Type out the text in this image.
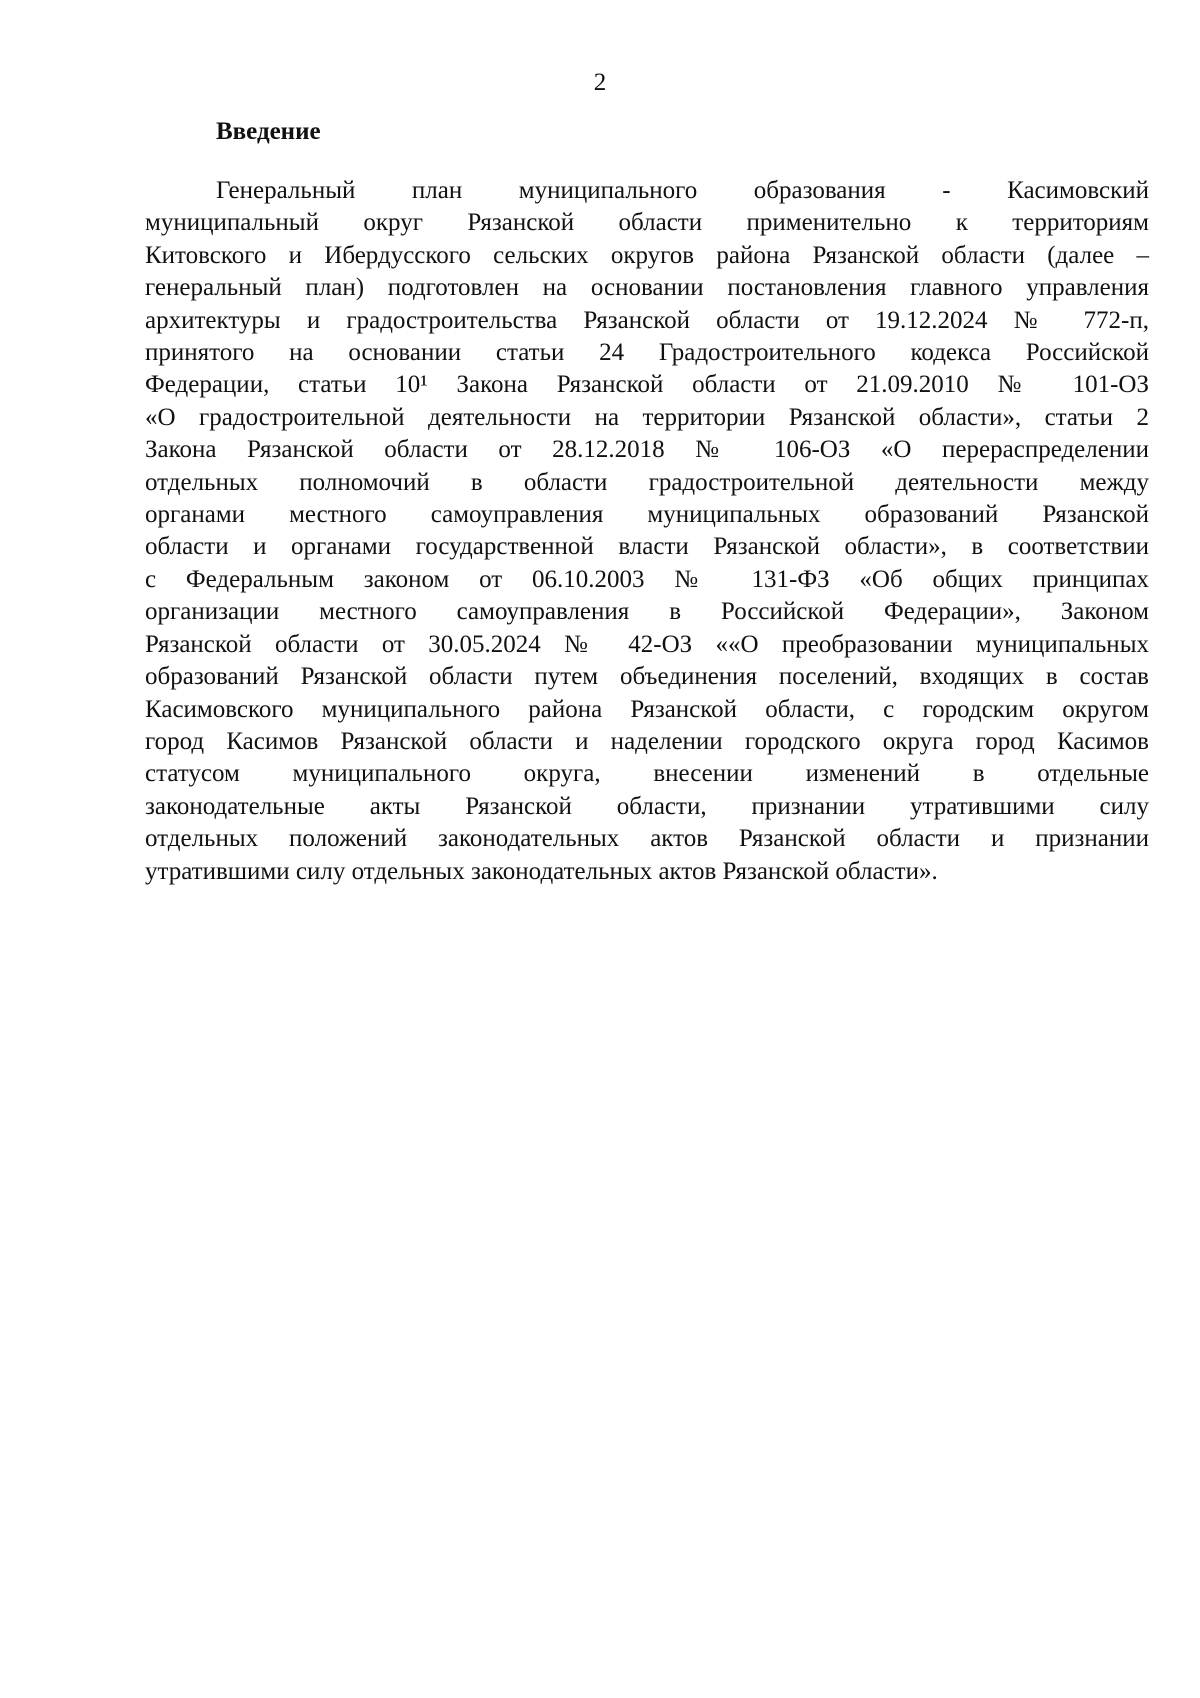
2
Введение
Генеральный план муниципального образования - Касимовский
муниципальный округ Рязанской области применительно к территориям
Китовского и Ибердусского сельских округов района Рязанской области (далее –
генеральный план) подготовлен на основании постановления главного управления
архитектуры и градостроительства Рязанской области от 19.12.2024 № 772-п,
принятого на основании статьи 24 Градостроительного кодекса Российской
Федерации, статьи 10¹ Закона Рязанской области от 21.09.2010 № 101-ОЗ
«О градостроительной деятельности на территории Рязанской области», статьи 2
Закона Рязанской области от 28.12.2018 № 106-ОЗ «О перераспределении
отдельных полномочий в области градостроительной деятельности между
органами местного самоуправления муниципальных образований Рязанской
области и органами государственной власти Рязанской области», в соответствии
с Федеральным законом от 06.10.2003 № 131-ФЗ «Об общих принципах
организации местного самоуправления в Российской Федерации», Законом
Рязанской области от 30.05.2024 № 42-ОЗ ««О преобразовании муниципальных
образований Рязанской области путем объединения поселений, входящих в состав
Касимовского муниципального района Рязанской области, с городским округом
город Касимов Рязанской области и наделении городского округа город Касимов
статусом муниципального округа, внесении изменений в отдельные
законодательные акты Рязанской области, признании утратившими силу
отдельных положений законодательных актов Рязанской области и признании
утратившими силу отдельных законодательных актов Рязанской области».
